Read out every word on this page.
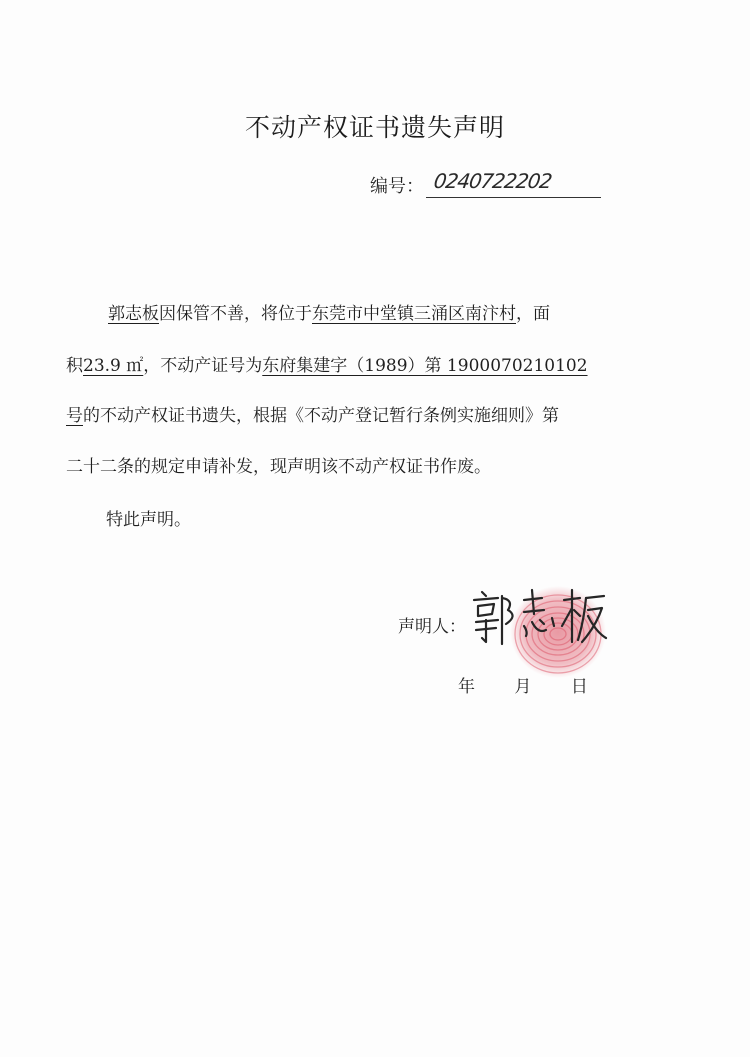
不动产权证书遗失声明
编号： 0240722202
郭志板因保管不善，将位于东莞市中堂镇三涌区南汴村，面
积23.9 ㎡，不动产证号为东府集建字（1989）第 1900070210102
号的不动产权证书遗失，根据《不动产登记暂行条例实施细则》第
二十二条的规定申请补发，现声明该不动产权证书作废。
特此声明。
声明人：
年 月 日
